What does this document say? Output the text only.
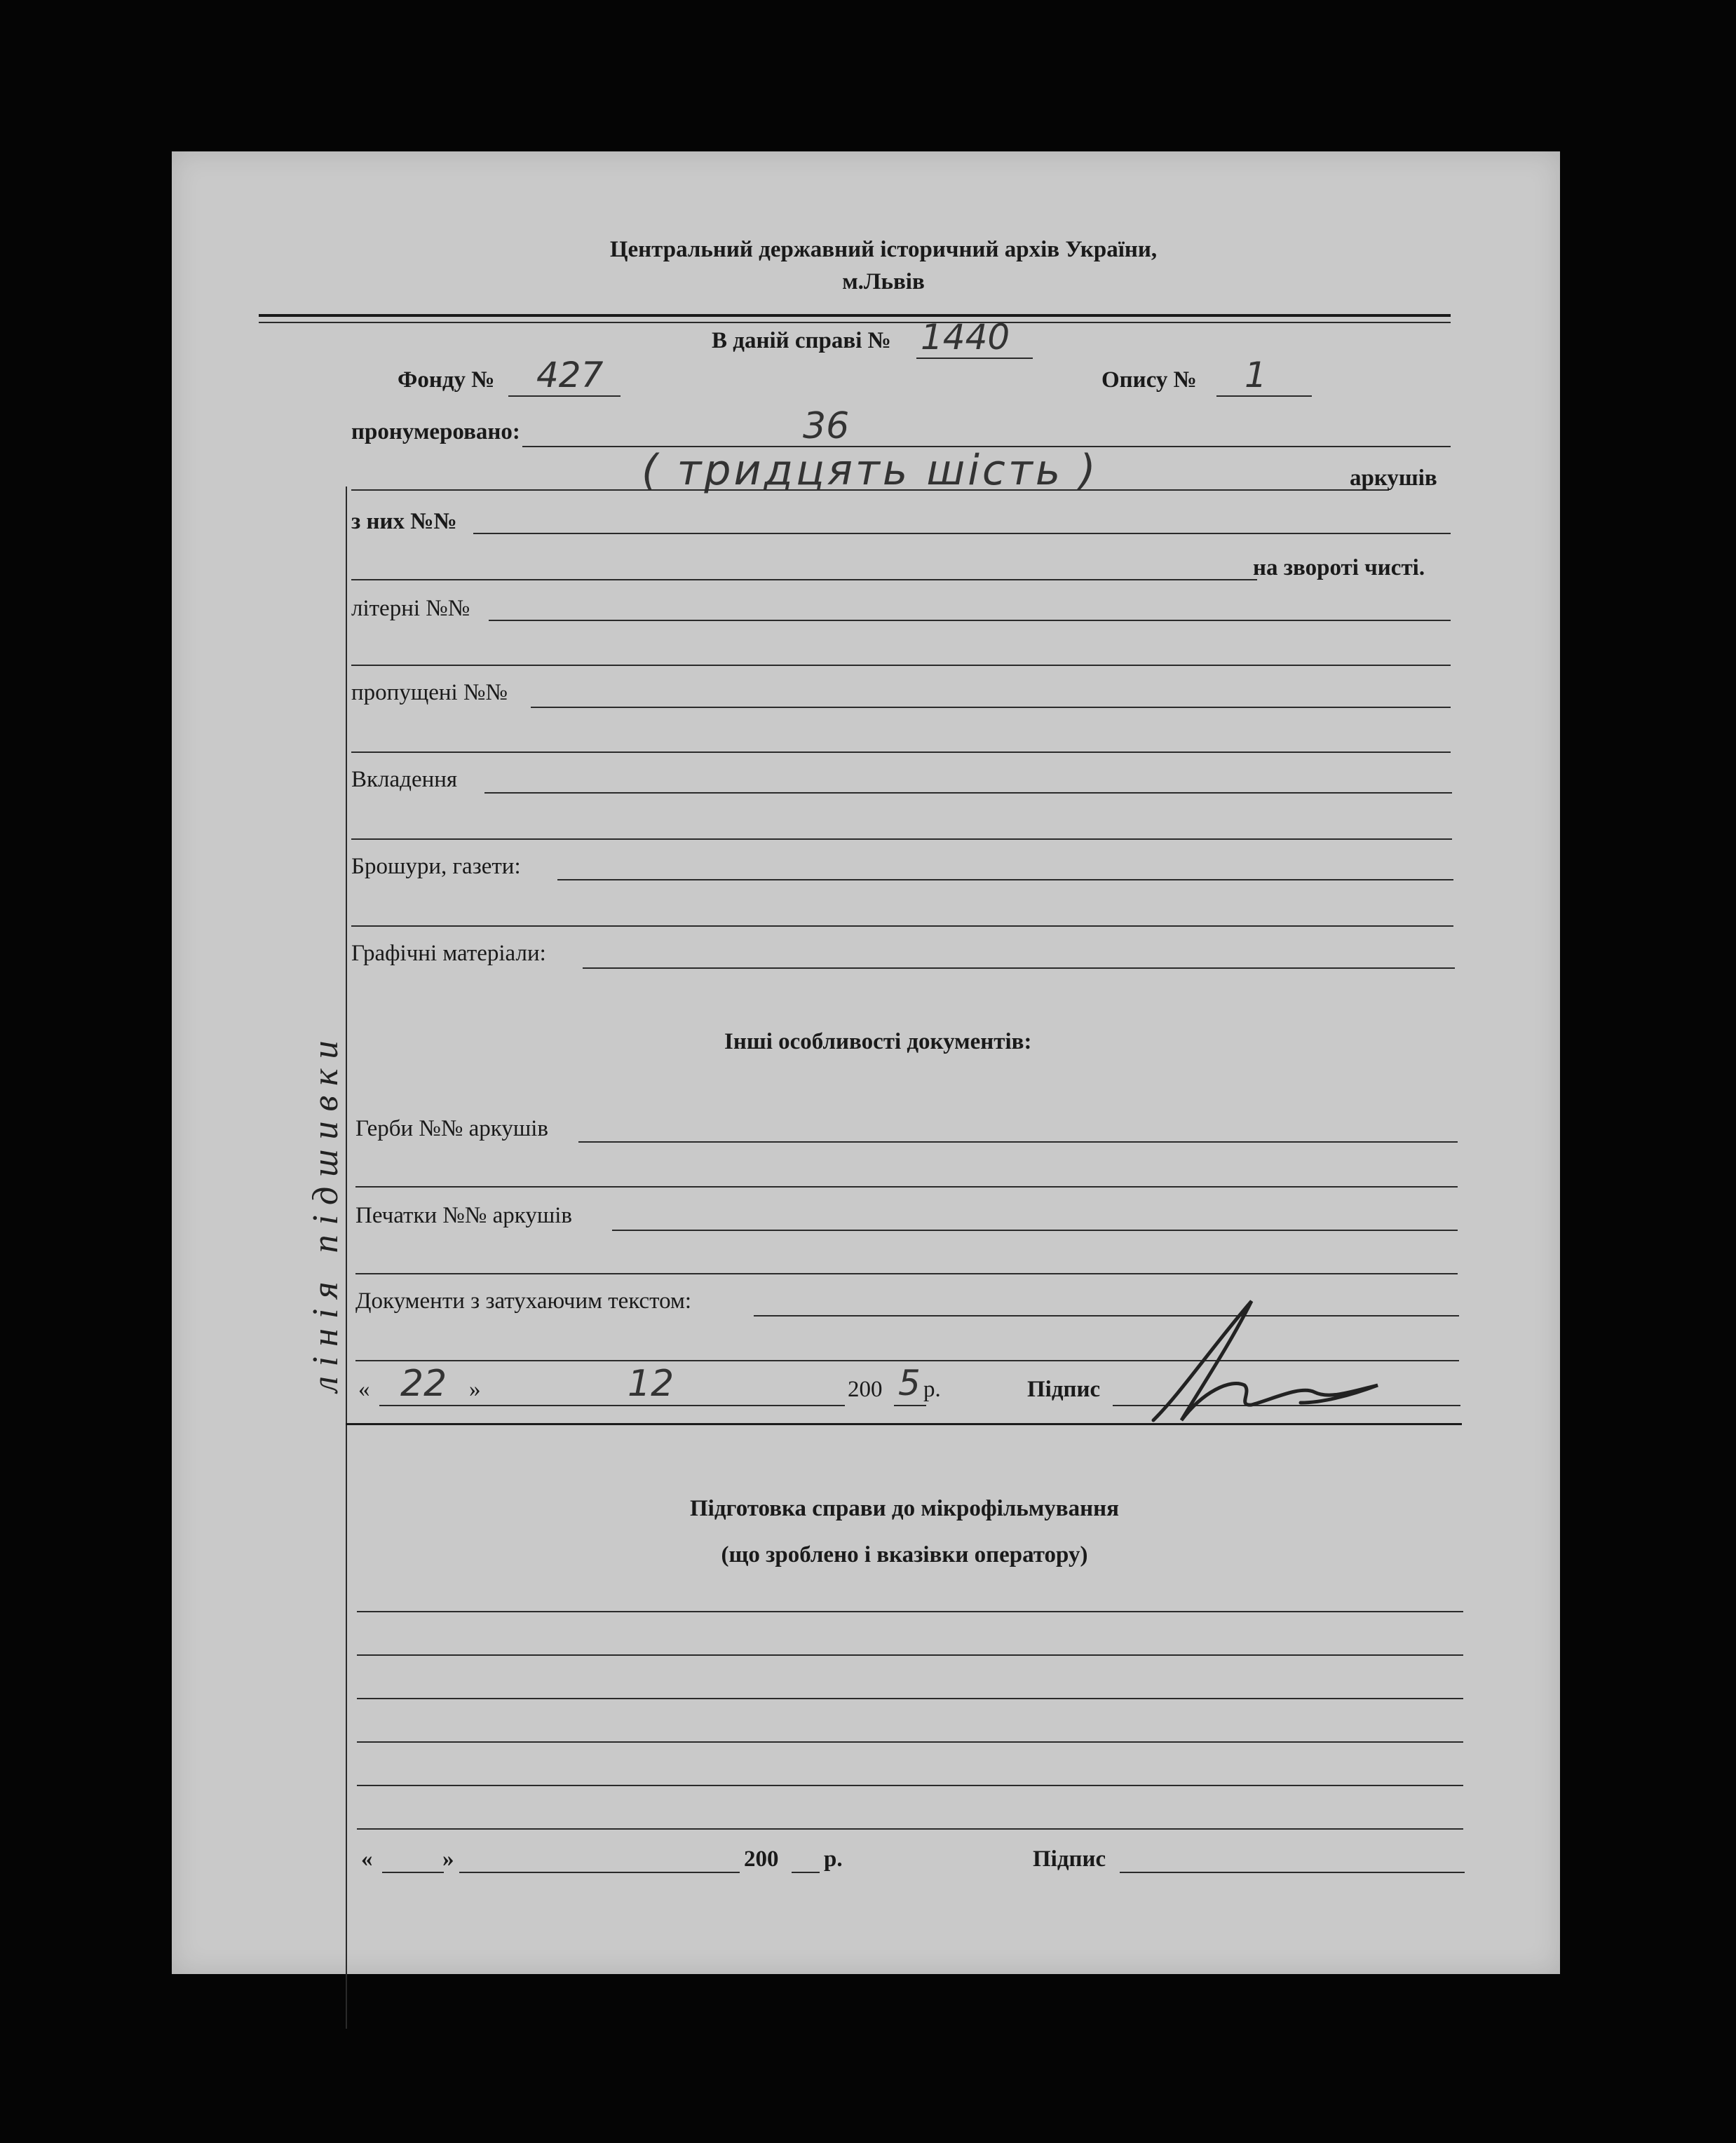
Центральний державний історичний архів України,
м.Львів
В даній справі № 1440
Фонду № 427	Опису № 1
пронумеровано:	36
( тридцять шість )	аркушів
лінія підшивки
з них №№
на звороті чисті.
літерні №№
пропущені №№
Вкладення
Брошури, газети:
Графічні матеріали:
Інші особливості документів:
Герби №№ аркушів
Печатки №№ аркушів
Документи з затухаючим текстом:
« 22 »	12	200 5 р.	Підпис
Підготовка справи до мікрофільмування
(що зроблено і вказівки оператору)
«	»	200 р.	Підпис
